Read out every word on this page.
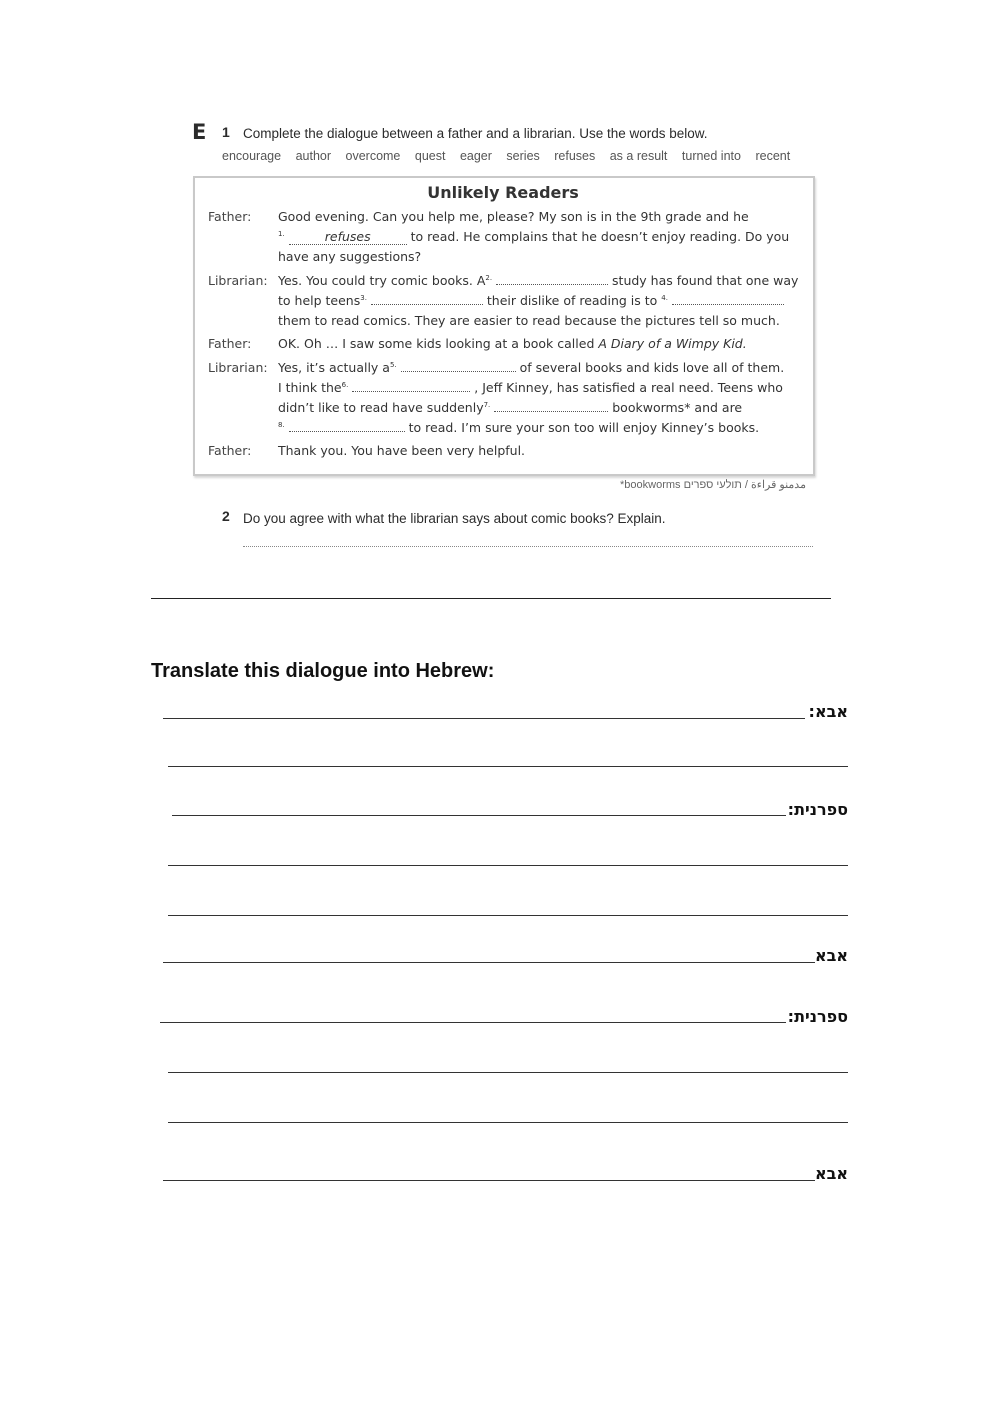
E 1 Complete the dialogue between a father and a librarian. Use the words below.
encourage author overcome quest eager series refuses as a result turned into recent
Unlikely Readers
Father: Good evening. Can you help me, please? My son is in the 9th grade and he
$^{1.}$	refuses	to read. He complains that he doesn’t enjoy reading. Do you
have any suggestions?
Librarian: Yes. You could try comic books. $A^{2.}$	study has found that one way
to help teens$^{3.}$	their dislike of reading is to $^{4.}$
them to read comics. They are easier to read because the pictures tell so much.
Father: OK. Oh … I saw some kids looking at a book called A Diary of a Wimpy Kid.
Librarian: Yes, it’s actually $a^{5.}$	of several books and kids love all of them.
I think the$^{6.}$	, Jeff Kinney, has satisfied a real need. Teens who
didn’t like to read have suddenly$^{7.}$	bookworms* and are
$^{8.}$	to read. I’m sure your son too will enjoy Kinney’s books.
Father: Thank you. You have been very helpful.
*bookworms مدمنو قراءة / תולעי ספרים
2 Do you agree with what the librarian says about comic books? Explain.
Translate this dialogue into Hebrew:
אבא:
ספרנית:
אבא
ספרנית:
אבא
